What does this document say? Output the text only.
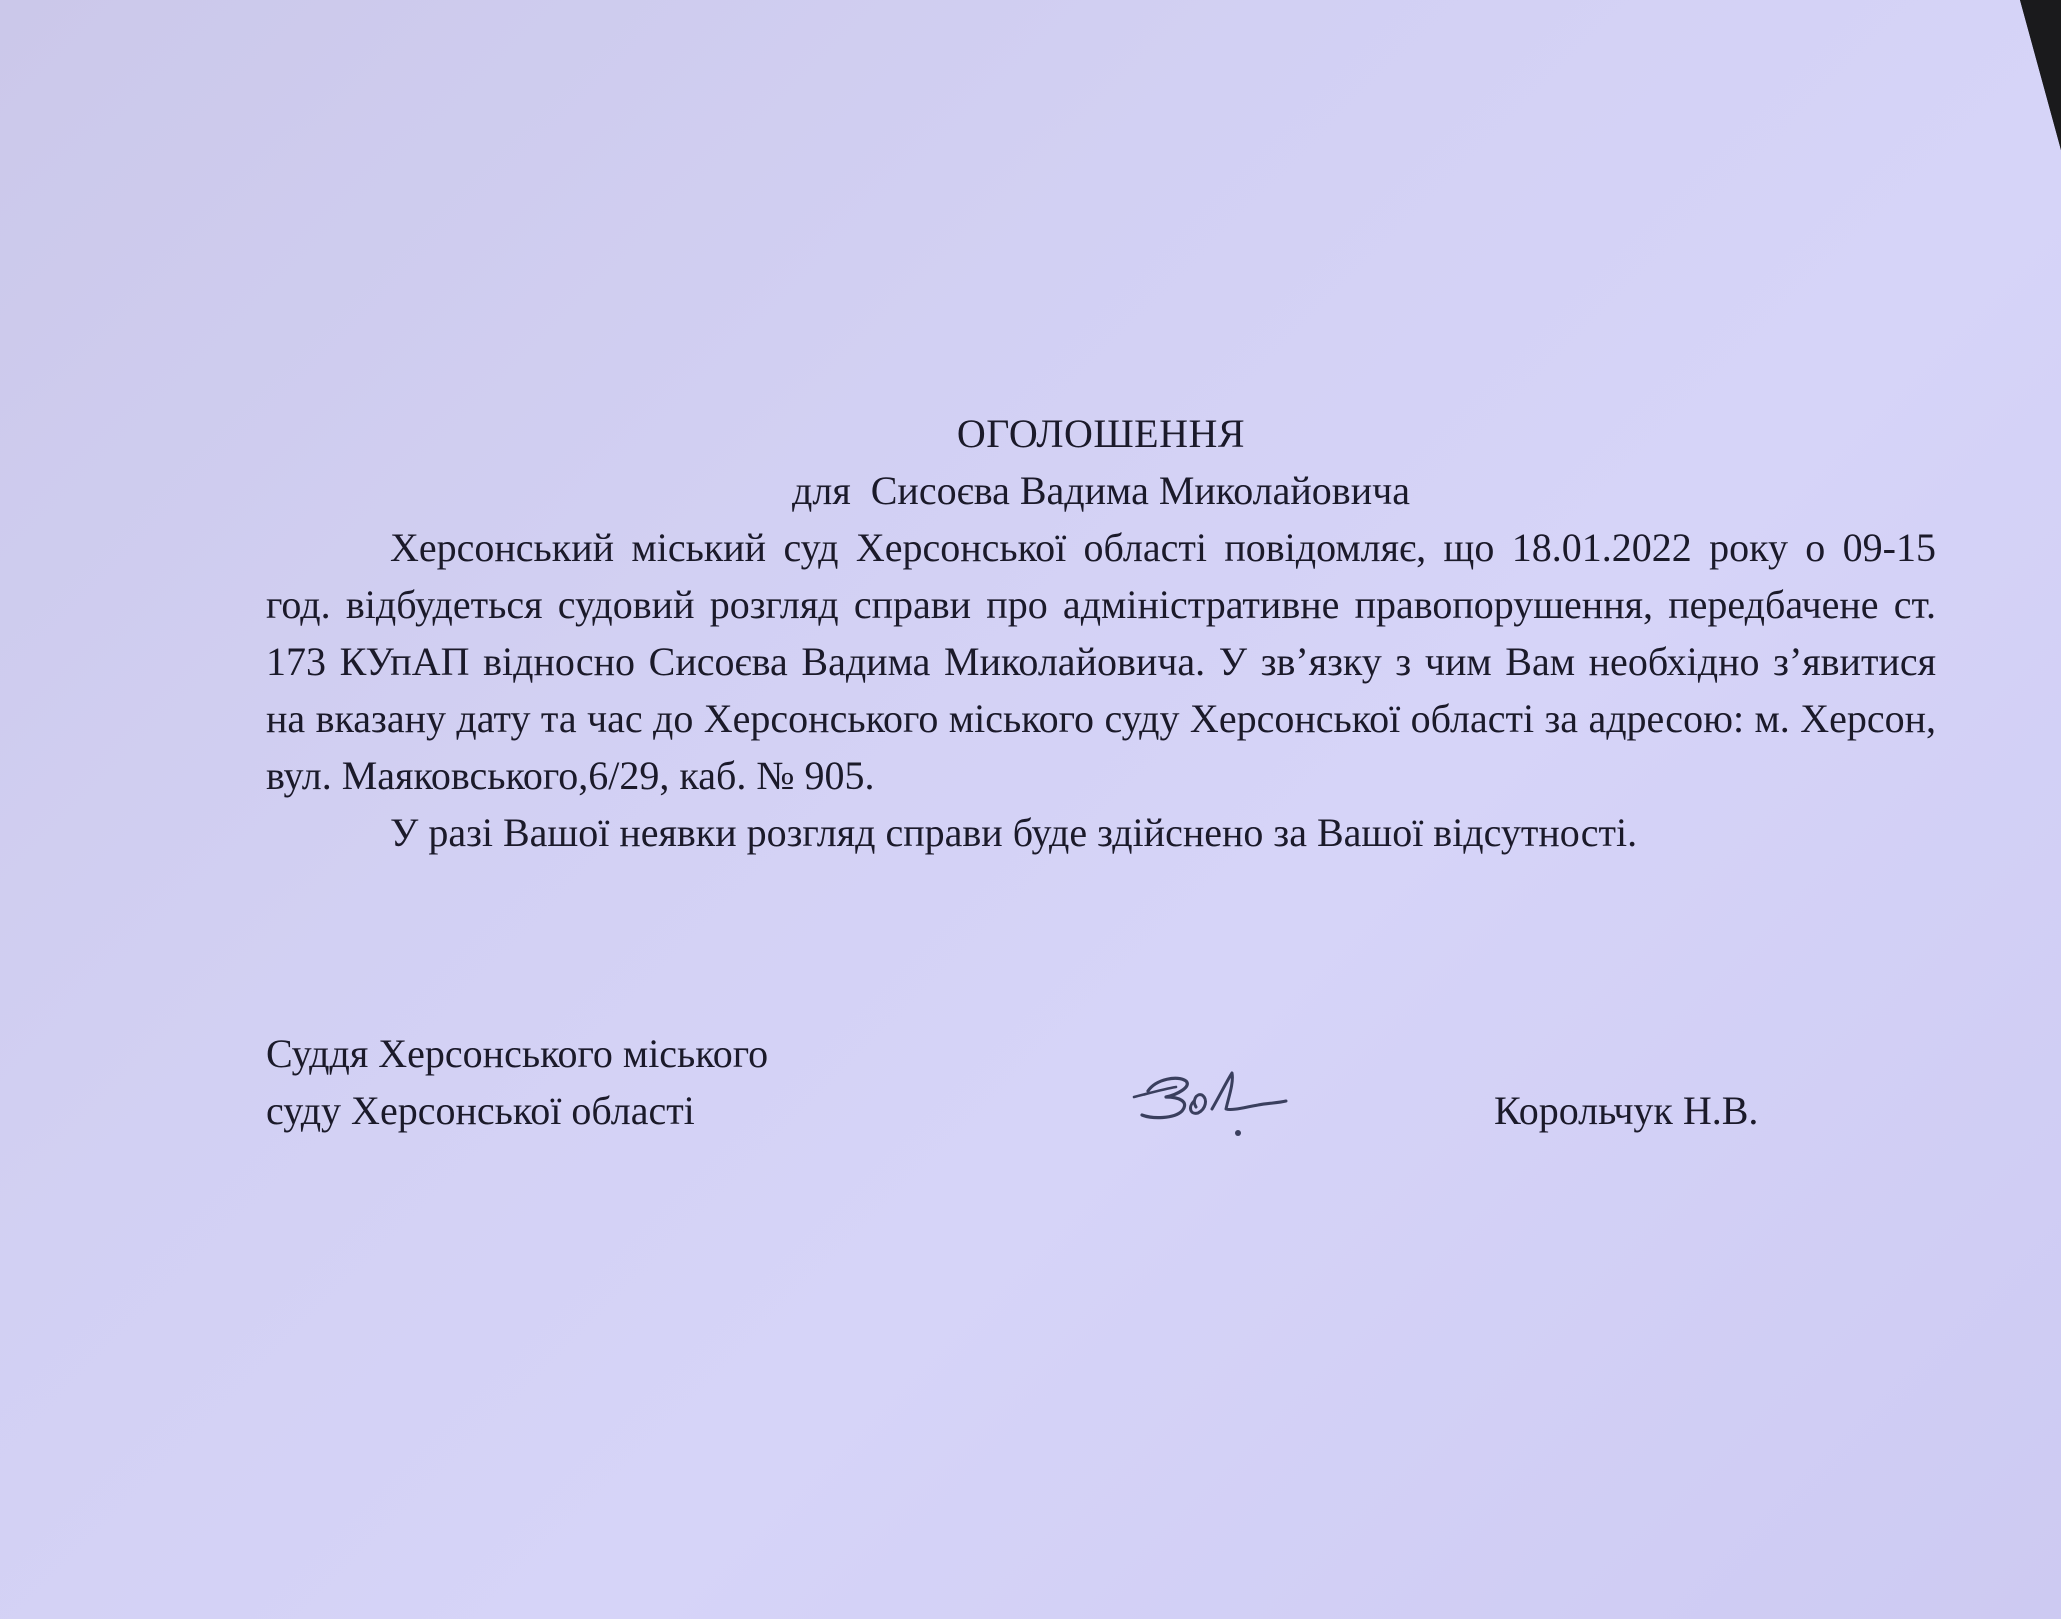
ОГОЛОШЕННЯ

для  Сисоєва Вадима Миколайовича

Херсонський міський суд Херсонської області повідомляє, що 18.01.2022 року о 09-15 год. відбудеться судовий розгляд справи про адміністративне правопорушення, передбачене ст. 173 КУпАП відносно Сисоєва Вадима Миколайовича. У зв’язку з чим Вам необхідно з’явитися на вказану дату та час до Херсонського міського суду Херсонської області за адресою: м. Херсон, вул. Маяковського,6/29, каб. № 905.

У разі Вашої неявки розгляд справи буде здійснено за Вашої відсутності.

Суддя Херсонського міського
суду Херсонської області	Корольчук Н.В.
